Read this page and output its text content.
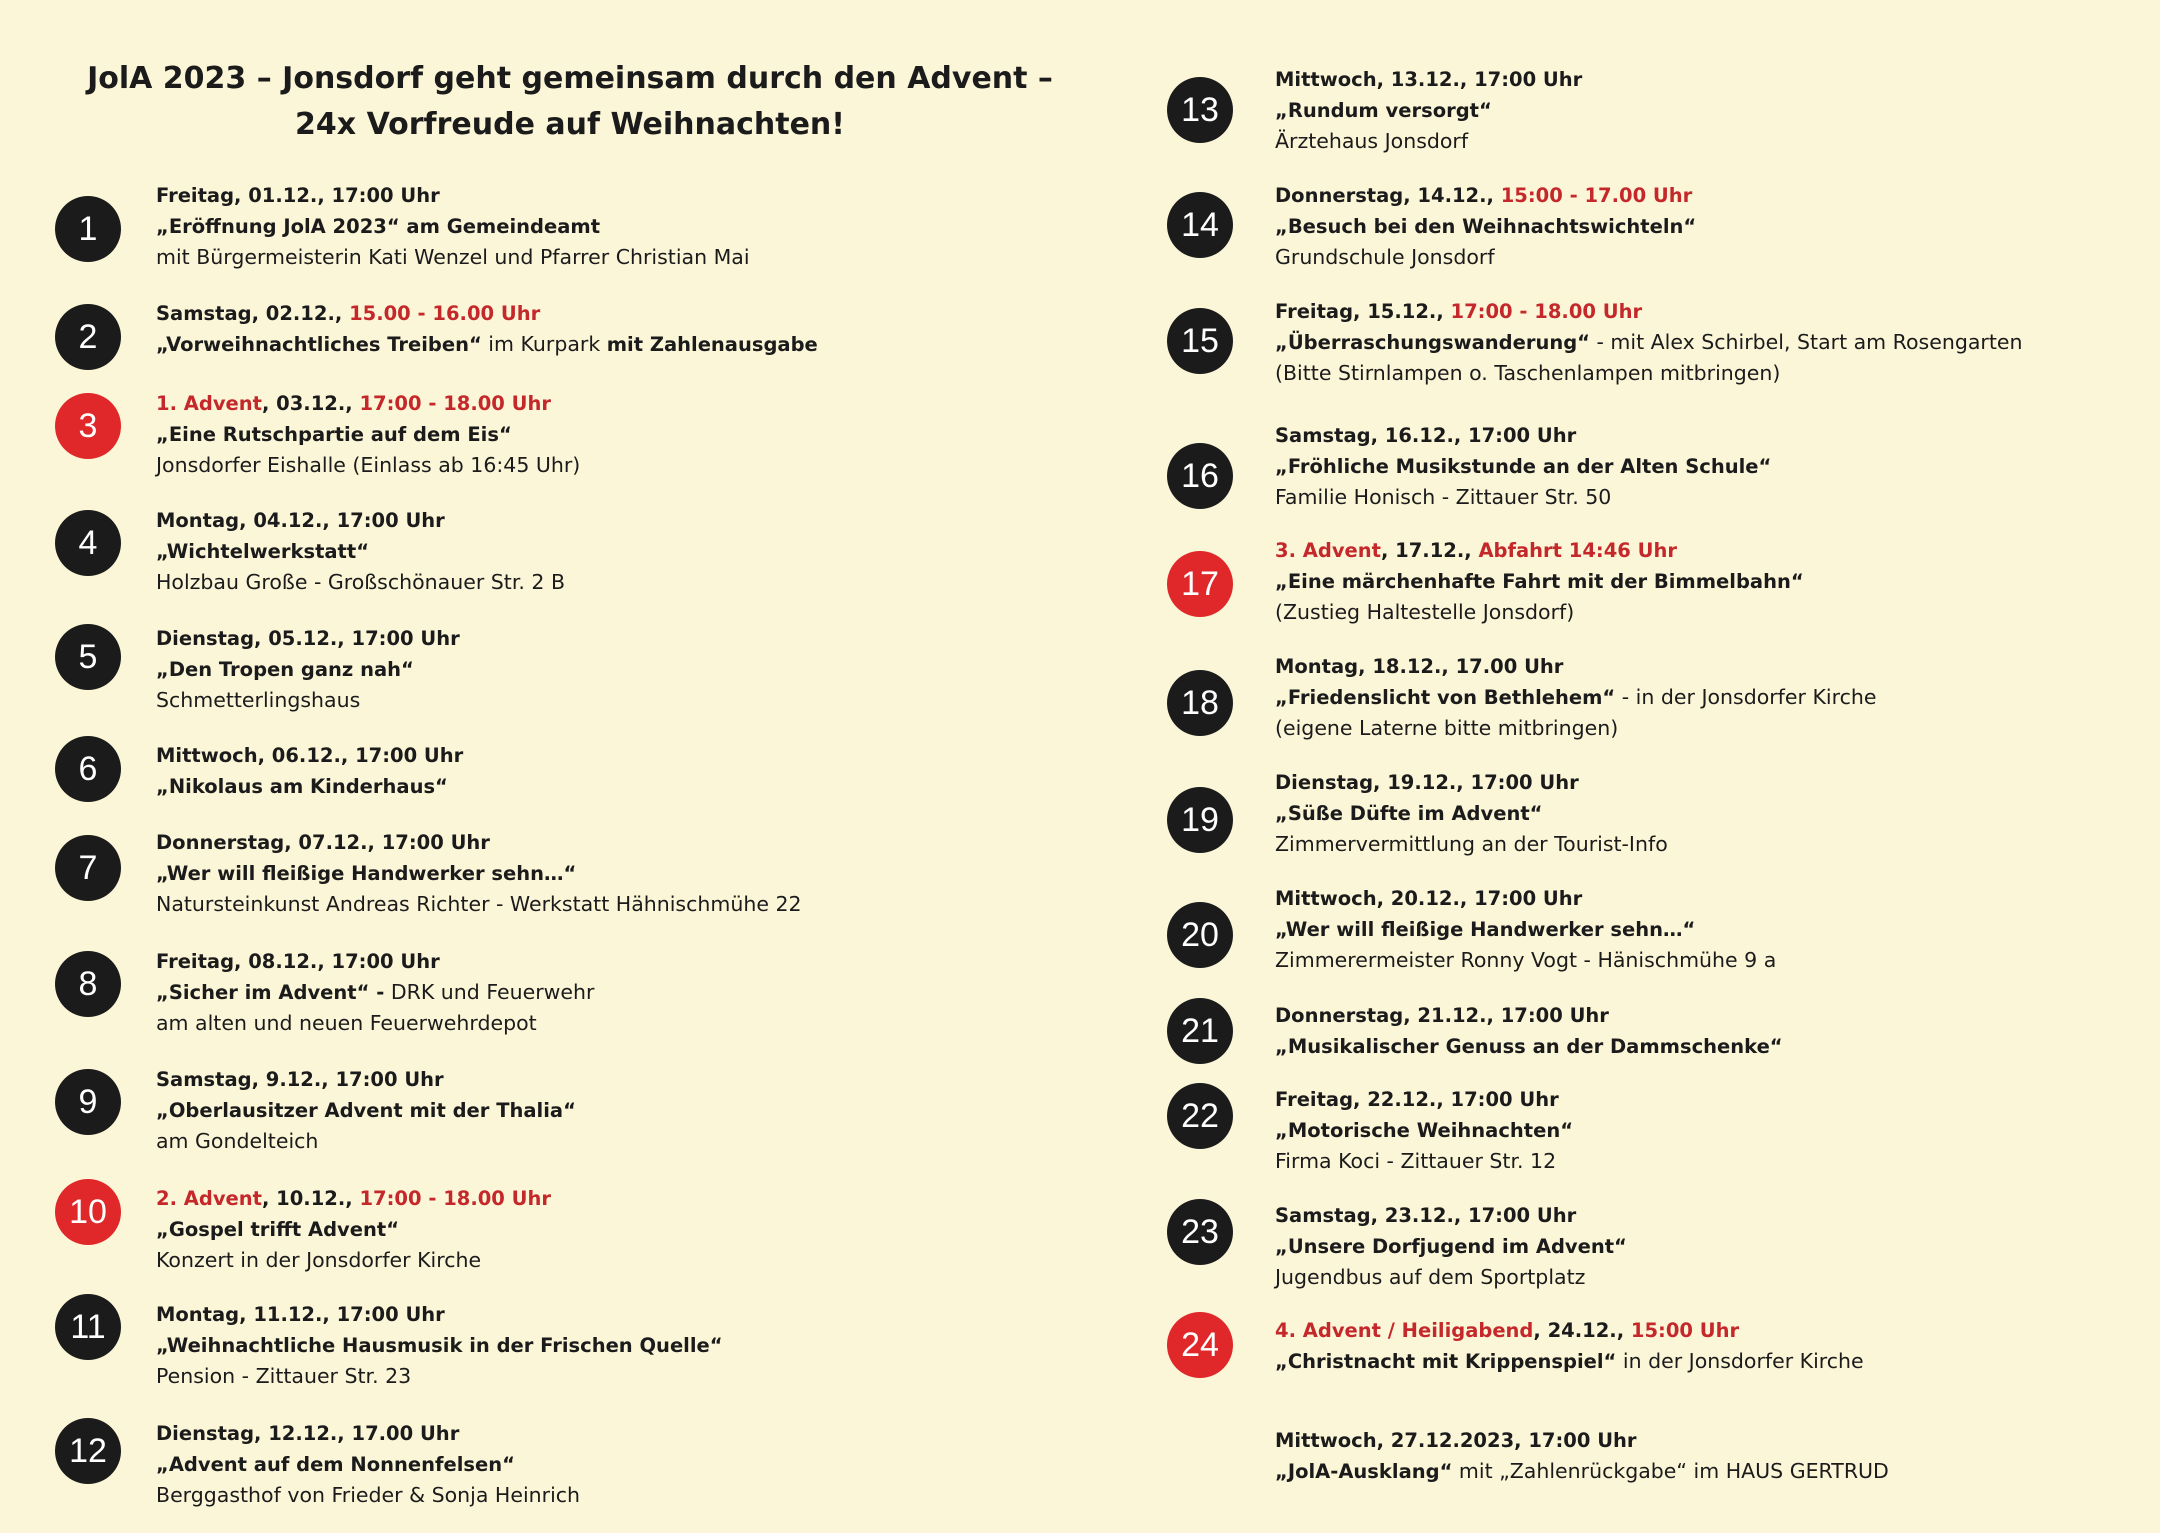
JolA 2023 – Jonsdorf geht gemeinsam durch den Advent –
24x Vorfreude auf Weihnachten!
1
Freitag, 01.12., 17:00 Uhr
„Eröffnung JolA 2023“ am Gemeindeamt
mit Bürgermeisterin Kati Wenzel und Pfarrer Christian Mai
2
Samstag, 02.12., 15.00 - 16.00 Uhr
„Vorweihnachtliches Treiben“ im Kurpark mit Zahlenausgabe
3
1. Advent, 03.12., 17:00 - 18.00 Uhr
„Eine Rutschpartie auf dem Eis“
Jonsdorfer Eishalle (Einlass ab 16:45 Uhr)
4
Montag, 04.12., 17:00 Uhr
„Wichtelwerkstatt“
Holzbau Große - Großschönauer Str. 2 B
5	Dienstag, 05.12., 17:00 Uhr
„Den Tropen ganz nah“
Schmetterlingshaus
6	Mittwoch, 06.12., 17:00 Uhr
„Nikolaus am Kinderhaus“
7
Donnerstag, 07.12., 17:00 Uhr
„Wer will fleißige Handwerker sehn…“
Natursteinkunst Andreas Richter - Werkstatt Hähnischmühe 22
8
Freitag, 08.12., 17:00 Uhr
„Sicher im Advent“ - DRK und Feuerwehr
am alten und neuen Feuerwehrdepot
9
Samstag, 9.12., 17:00 Uhr
„Oberlausitzer Advent mit der Thalia“
am Gondelteich
10	2. Advent, 10.12., 17:00 - 18.00 Uhr
„Gospel trifft Advent“
Konzert in der Jonsdorfer Kirche
11	Montag, 11.12., 17:00 Uhr
„Weihnachtliche Hausmusik in der Frischen Quelle“
Pension - Zittauer Str. 23
12	Dienstag, 12.12., 17.00 Uhr
„Advent auf dem Nonnenfelsen“
Berggasthof von Frieder & Sonja Heinrich
13
Mittwoch, 13.12., 17:00 Uhr
„Rundum versorgt“
Ärztehaus Jonsdorf
14
Donnerstag, 14.12., 15:00 - 17.00 Uhr
„Besuch bei den Weihnachtswichteln“
Grundschule Jonsdorf
15
Freitag, 15.12., 17:00 - 18.00 Uhr
„Überraschungswanderung“ - mit Alex Schirbel, Start am Rosengarten
(Bitte Stirnlampen o. Taschenlampen mitbringen)
16
Samstag, 16.12., 17:00 Uhr
„Fröhliche Musikstunde an der Alten Schule“
Familie Honisch - Zittauer Str. 50
17
3. Advent, 17.12., Abfahrt 14:46 Uhr
„Eine märchenhafte Fahrt mit der Bimmelbahn“
(Zustieg Haltestelle Jonsdorf)
18
Montag, 18.12., 17.00 Uhr
„Friedenslicht von Bethlehem“ - in der Jonsdorfer Kirche
(eigene Laterne bitte mitbringen)
19
Dienstag, 19.12., 17:00 Uhr
„Süße Düfte im Advent“
Zimmervermittlung an der Tourist-Info
20
Mittwoch, 20.12., 17:00 Uhr
„Wer will fleißige Handwerker sehn…“
Zimmerermeister Ronny Vogt - Hänischmühe 9 a
21	Donnerstag, 21.12., 17:00 Uhr
„Musikalischer Genuss an der Dammschenke“
22	Freitag, 22.12., 17:00 Uhr
„Motorische Weihnachten“
Firma Koci - Zittauer Str. 12
23	Samstag, 23.12., 17:00 Uhr
„Unsere Dorfjugend im Advent“
Jugendbus auf dem Sportplatz
24	4. Advent / Heiligabend, 24.12., 15:00 Uhr
„Christnacht mit Krippenspiel“ in der Jonsdorfer Kirche
Mittwoch, 27.12.2023, 17:00 Uhr
„JolA-Ausklang“ mit „Zahlenrückgabe“ im HAUS GERTRUD
